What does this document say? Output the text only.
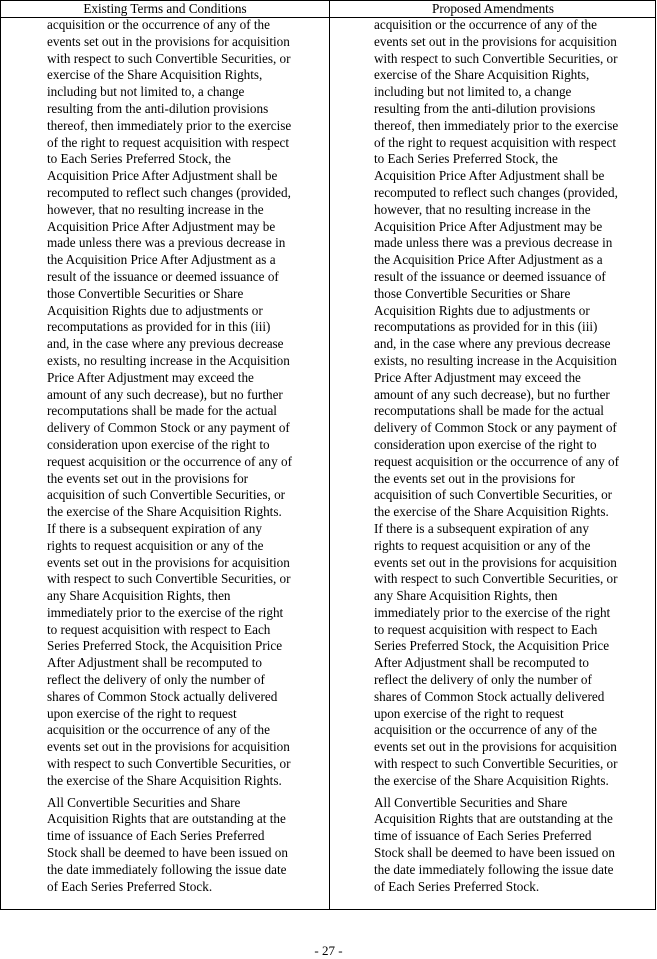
Existing Terms and Conditions	Proposed Amendments
acquisition or the occurrence of any of the
events set out in the provisions for acquisition
with respect to such Convertible Securities, or
exercise of the Share Acquisition Rights,
including but not limited to, a change
resulting from the anti-dilution provisions
thereof, then immediately prior to the exercise
of the right to request acquisition with respect
to Each Series Preferred Stock, the
Acquisition Price After Adjustment shall be
recomputed to reflect such changes (provided,
however, that no resulting increase in the
Acquisition Price After Adjustment may be
made unless there was a previous decrease in
the Acquisition Price After Adjustment as a
result of the issuance or deemed issuance of
those Convertible Securities or Share
Acquisition Rights due to adjustments or
recomputations as provided for in this (iii)
and, in the case where any previous decrease
exists, no resulting increase in the Acquisition
Price After Adjustment may exceed the
amount of any such decrease), but no further
recomputations shall be made for the actual
delivery of Common Stock or any payment of
consideration upon exercise of the right to
request acquisition or the occurrence of any of
the events set out in the provisions for
acquisition of such Convertible Securities, or
the exercise of the Share Acquisition Rights.
If there is a subsequent expiration of any
rights to request acquisition or any of the
events set out in the provisions for acquisition
with respect to such Convertible Securities, or
any Share Acquisition Rights, then
immediately prior to the exercise of the right
to request acquisition with respect to Each
Series Preferred Stock, the Acquisition Price
After Adjustment shall be recomputed to
reflect the delivery of only the number of
shares of Common Stock actually delivered
upon exercise of the right to request
acquisition or the occurrence of any of the
events set out in the provisions for acquisition
with respect to such Convertible Securities, or
the exercise of the Share Acquisition Rights.
All Convertible Securities and Share
Acquisition Rights that are outstanding at the
time of issuance of Each Series Preferred
Stock shall be deemed to have been issued on
the date immediately following the issue date
of Each Series Preferred Stock.
acquisition or the occurrence of any of the
events set out in the provisions for acquisition
with respect to such Convertible Securities, or
exercise of the Share Acquisition Rights,
including but not limited to, a change
resulting from the anti-dilution provisions
thereof, then immediately prior to the exercise
of the right to request acquisition with respect
to Each Series Preferred Stock, the
Acquisition Price After Adjustment shall be
recomputed to reflect such changes (provided,
however, that no resulting increase in the
Acquisition Price After Adjustment may be
made unless there was a previous decrease in
the Acquisition Price After Adjustment as a
result of the issuance or deemed issuance of
those Convertible Securities or Share
Acquisition Rights due to adjustments or
recomputations as provided for in this (iii)
and, in the case where any previous decrease
exists, no resulting increase in the Acquisition
Price After Adjustment may exceed the
amount of any such decrease), but no further
recomputations shall be made for the actual
delivery of Common Stock or any payment of
consideration upon exercise of the right to
request acquisition or the occurrence of any of
the events set out in the provisions for
acquisition of such Convertible Securities, or
the exercise of the Share Acquisition Rights.
If there is a subsequent expiration of any
rights to request acquisition or any of the
events set out in the provisions for acquisition
with respect to such Convertible Securities, or
any Share Acquisition Rights, then
immediately prior to the exercise of the right
to request acquisition with respect to Each
Series Preferred Stock, the Acquisition Price
After Adjustment shall be recomputed to
reflect the delivery of only the number of
shares of Common Stock actually delivered
upon exercise of the right to request
acquisition or the occurrence of any of the
events set out in the provisions for acquisition
with respect to such Convertible Securities, or
the exercise of the Share Acquisition Rights.
All Convertible Securities and Share
Acquisition Rights that are outstanding at the
time of issuance of Each Series Preferred
Stock shall be deemed to have been issued on
the date immediately following the issue date
of Each Series Preferred Stock.
- 27 -
